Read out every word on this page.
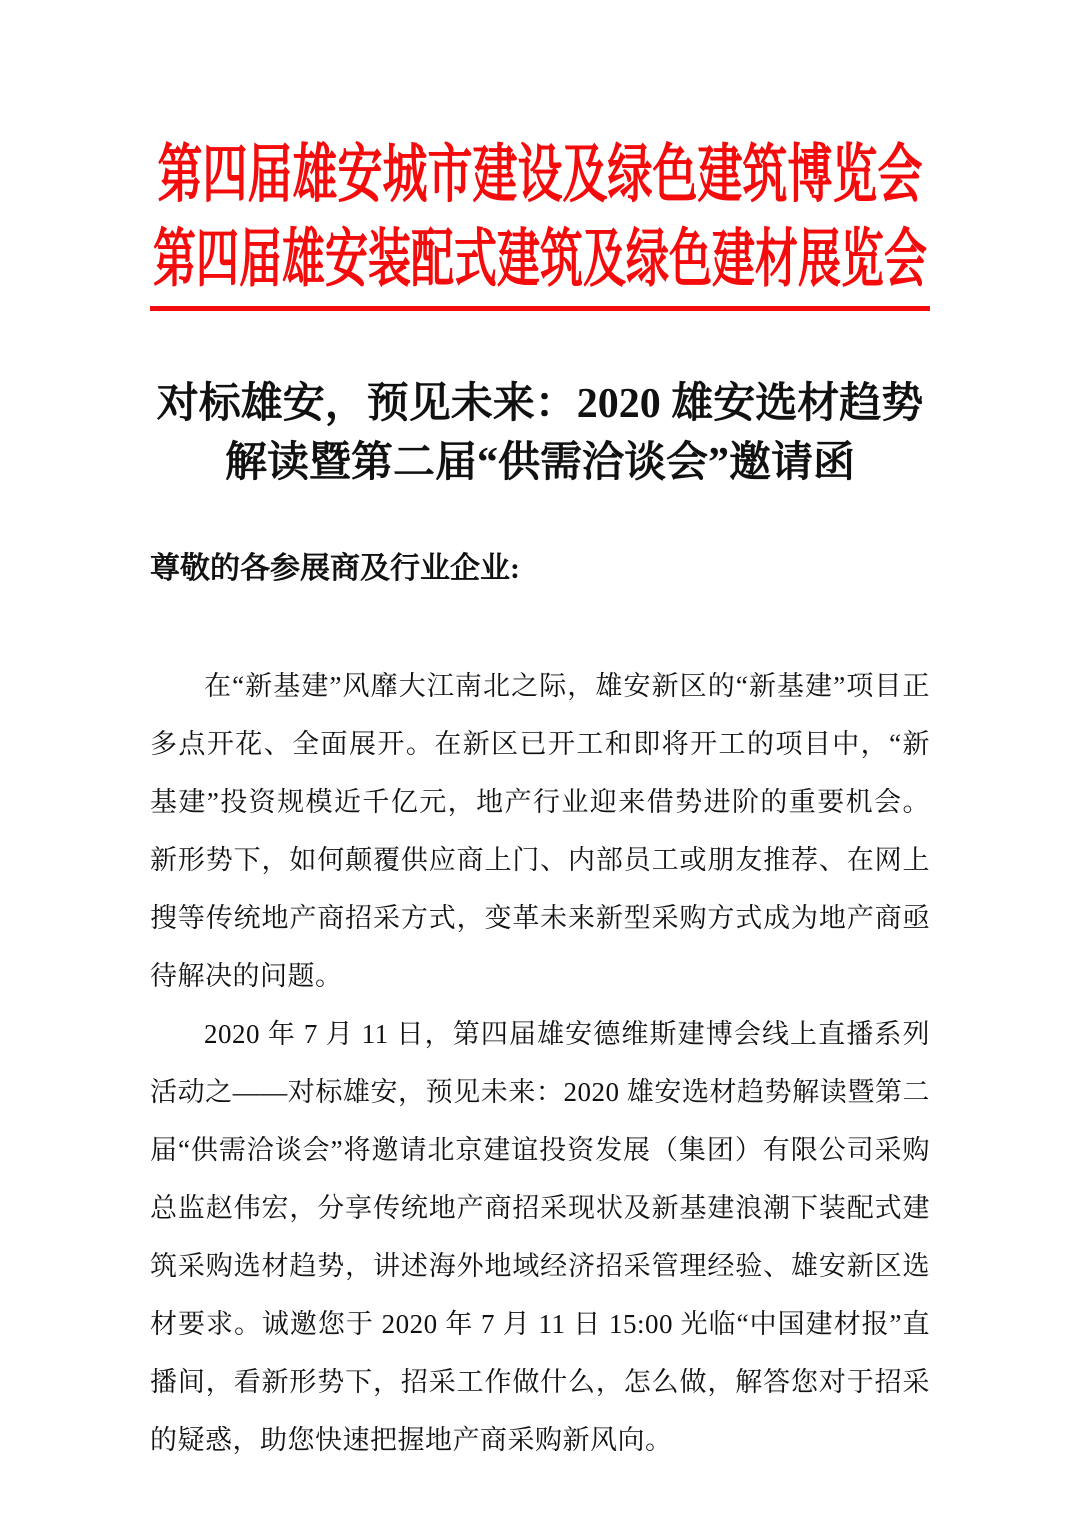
第四届雄安城市建设及绿色建筑博览会
第四届雄安装配式建筑及绿色建材展览会
对标雄安，预见未来：2020 雄安选材趋势
解读暨第二届“供需洽谈会”邀请函
尊敬的各参展商及行业企业:

在“新基建”风靡大江南北之际，雄安新区的“新基建”项目正多点开花、全面展开。在新区已开工和即将开工的项目中，“新基建”投资规模近千亿元，地产行业迎来借势进阶的重要机会。新形势下，如何颠覆供应商上门、内部员工或朋友推荐、在网上搜等传统地产商招采方式，变革未来新型采购方式成为地产商亟待解决的问题。

2020 年 7 月 11 日，第四届雄安德维斯建博会线上直播系列活动之——对标雄安，预见未来：2020 雄安选材趋势解读暨第二届“供需洽谈会”将邀请北京建谊投资发展（集团）有限公司采购总监赵伟宏，分享传统地产商招采现状及新基建浪潮下装配式建筑采购选材趋势，讲述海外地域经济招采管理经验、雄安新区选材要求。诚邀您于 2020 年 7 月 11 日 15:00 光临“中国建材报”直播间，看新形势下，招采工作做什么，怎么做，解答您对于招采的疑惑，助您快速把握地产商采购新风向。
